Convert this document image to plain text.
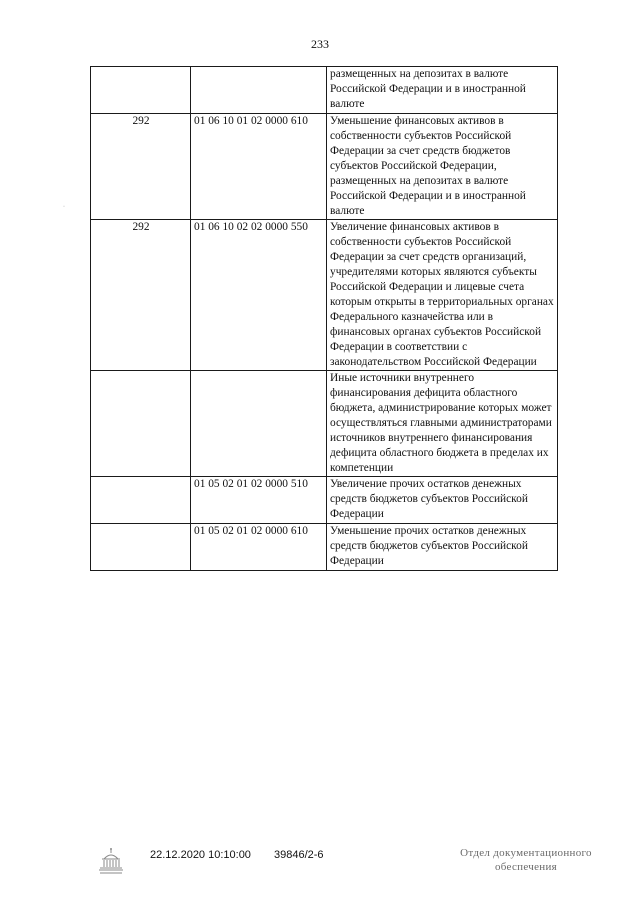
233
·
		размещенных на депозитах в валюте Российской Федерации и в иностранной валюте
292	01 06 10 01 02 0000 610	Уменьшение финансовых активов в собственности субъектов Российской Федерации за счет средств бюджетов субъектов Российской Федерации, размещенных на депозитах в валюте Российской Федерации и в иностранной валюте
292	01 06 10 02 02 0000 550	Увеличение финансовых активов в собственности субъектов Российской Федерации за счет средств организаций, учредителями которых являются субъекты Российской Федерации и лицевые счета которым открыты в территориальных органах Федерального казначейства или в финансовых органах субъектов Российской Федерации в соответствии с законодательством Российской Федерации
		Иные источники внутреннего финансирования дефицита областного бюджета, администрирование которых может осуществляться главными администраторами источников внутреннего финансирования дефицита областного бюджета в пределах их компетенции
	01 05 02 01 02 0000 510	Увеличение прочих остатков денежных средств бюджетов субъектов Российской Федерации
	01 05 02 01 02 0000 610	Уменьшение прочих остатков денежных средств бюджетов субъектов Российской Федерации
22.12.2020 10:10:00 39846/2-6	Отдел документационного
обеспечения
